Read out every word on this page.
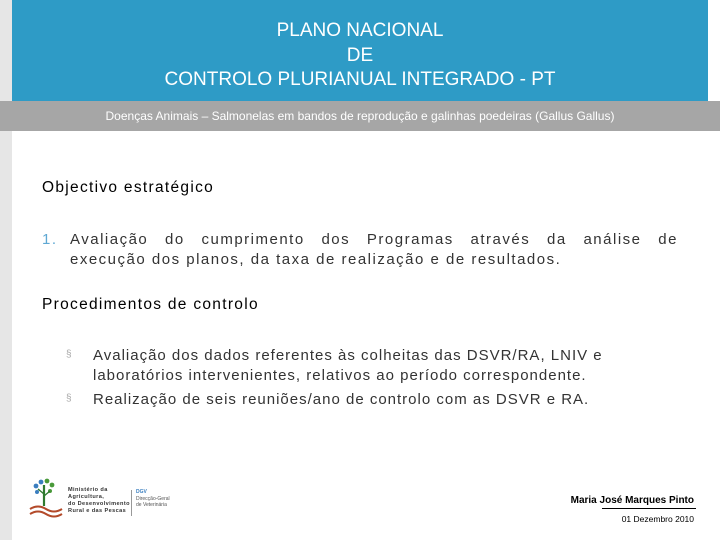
PLANO NACIONAL
DE
CONTROLO PLURIANUAL INTEGRADO - PT
Doenças Animais – Salmonelas em bandos de reprodução e galinhas poedeiras (Gallus Gallus)
Objectivo estratégico
1. Avaliação do cumprimento dos Programas através da análise de
execução dos planos, da taxa de realização e de resultados.
Procedimentos de controlo
§ Avaliação dos dados referentes às colheitas das DSVR/RA, LNIV e
laboratórios intervenientes, relativos ao período correspondente.
§ Realização de seis reuniões/ano de controlo com as DSVR e RA.
Ministério da
Agricultura,
do Desenvolvimento
Rural e das Pescas
DGV
Direcção-Geral
de Veterinária	Maria José Marques Pinto
01 Dezembro 2010
